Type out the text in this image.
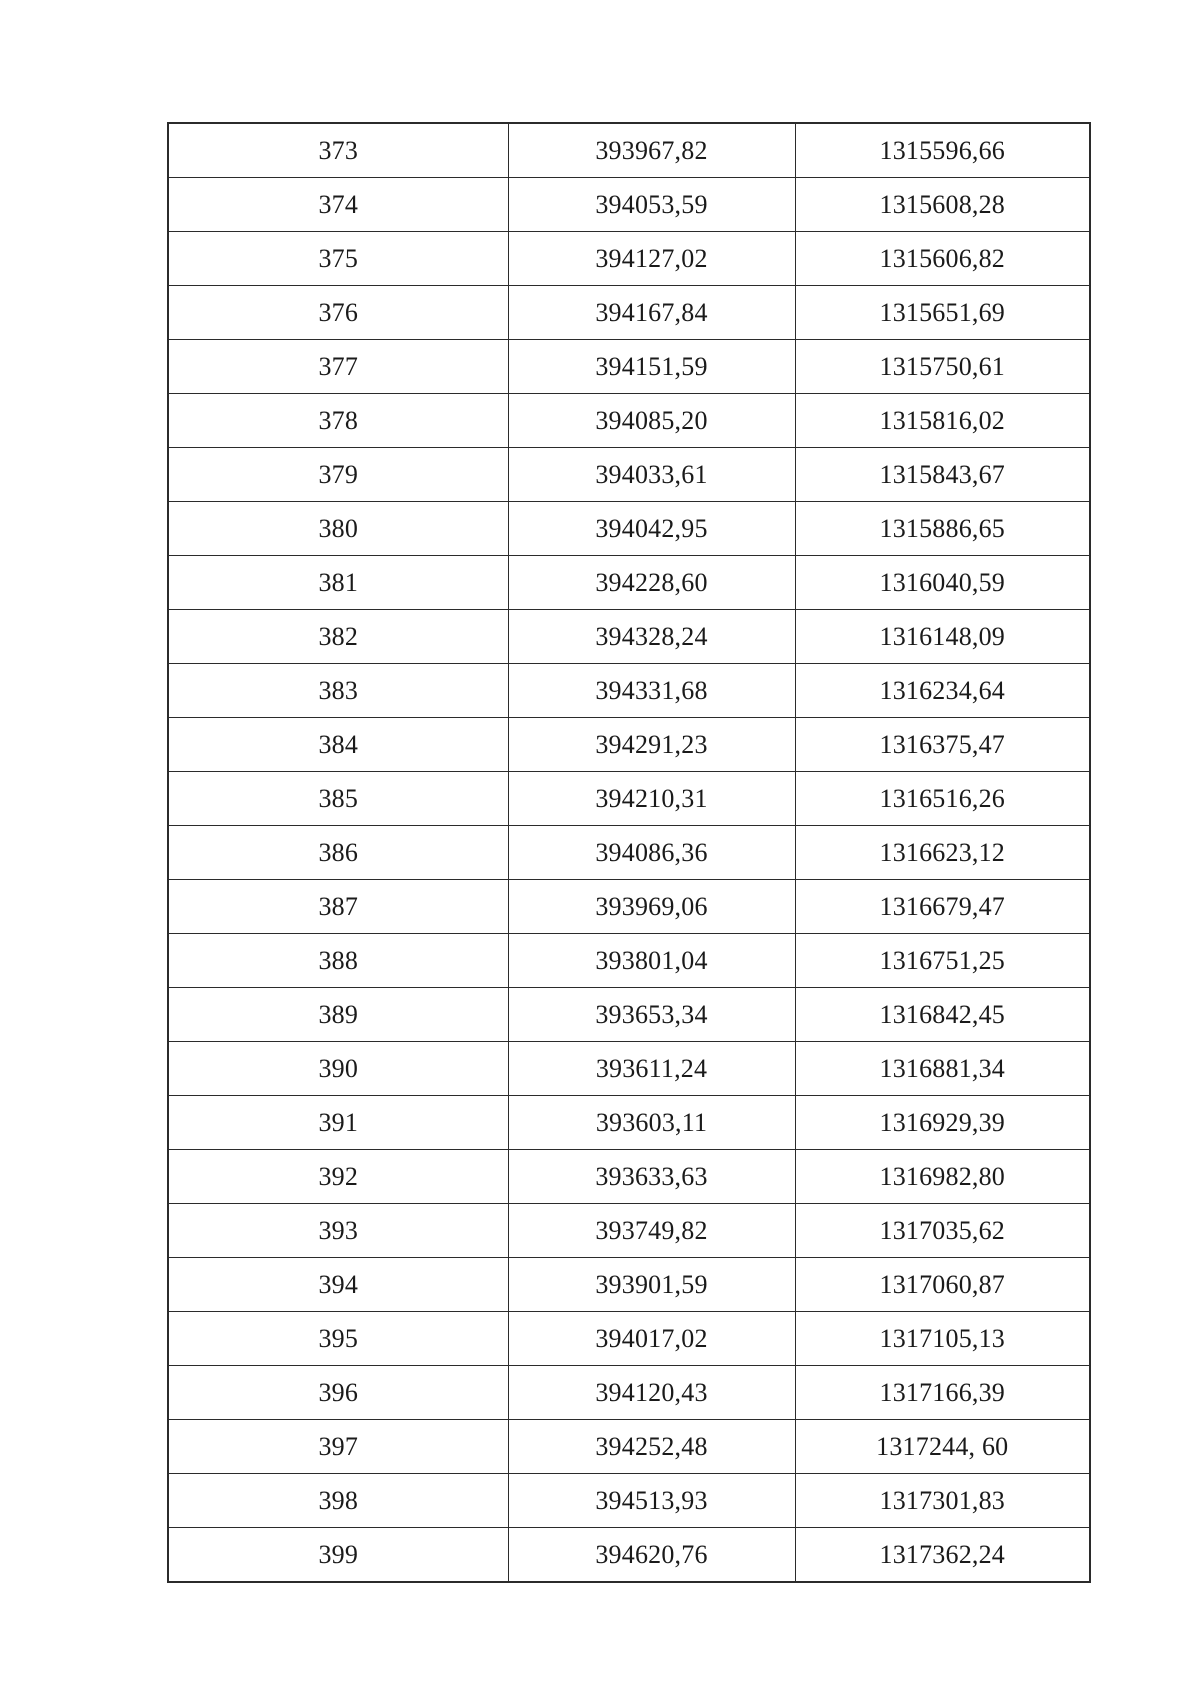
373	393967,82	1315596,66
374	394053,59	1315608,28
375	394127,02	1315606,82
376	394167,84	1315651,69
377	394151,59	1315750,61
378	394085,20	1315816,02
379	394033,61	1315843,67
380	394042,95	1315886,65
381	394228,60	1316040,59
382	394328,24	1316148,09
383	394331,68	1316234,64
384	394291,23	1316375,47
385	394210,31	1316516,26
386	394086,36	1316623,12
387	393969,06	1316679,47
388	393801,04	1316751,25
389	393653,34	1316842,45
390	393611,24	1316881,34
391	393603,11	1316929,39
392	393633,63	1316982,80
393	393749,82	1317035,62
394	393901,59	1317060,87
395	394017,02	1317105,13
396	394120,43	1317166,39
397	394252,48	1317244, 60
398	394513,93	1317301,83
399	394620,76	1317362,24
